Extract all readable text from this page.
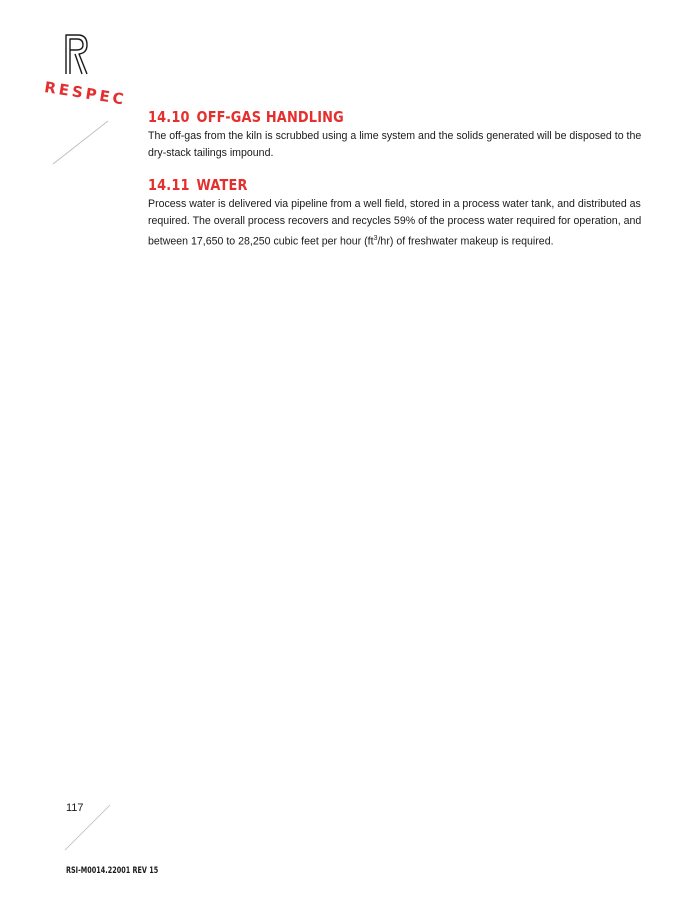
RESPEC
14.10 OFF-GAS HANDLING

The off-gas from the kiln is scrubbed using a lime system and the solids generated will be disposed to the dry-stack tailings impound.

14.11 WATER

Process water is delivered via pipeline from a well field, stored in a process water tank, and distributed as required. The overall process recovers and recycles 59% of the process water required for operation, and between 17,650 to 28,250 cubic feet per hour $(ft^3/hr)$ of freshwater makeup is required.

117
RSI-M0014.22001 REV 15
